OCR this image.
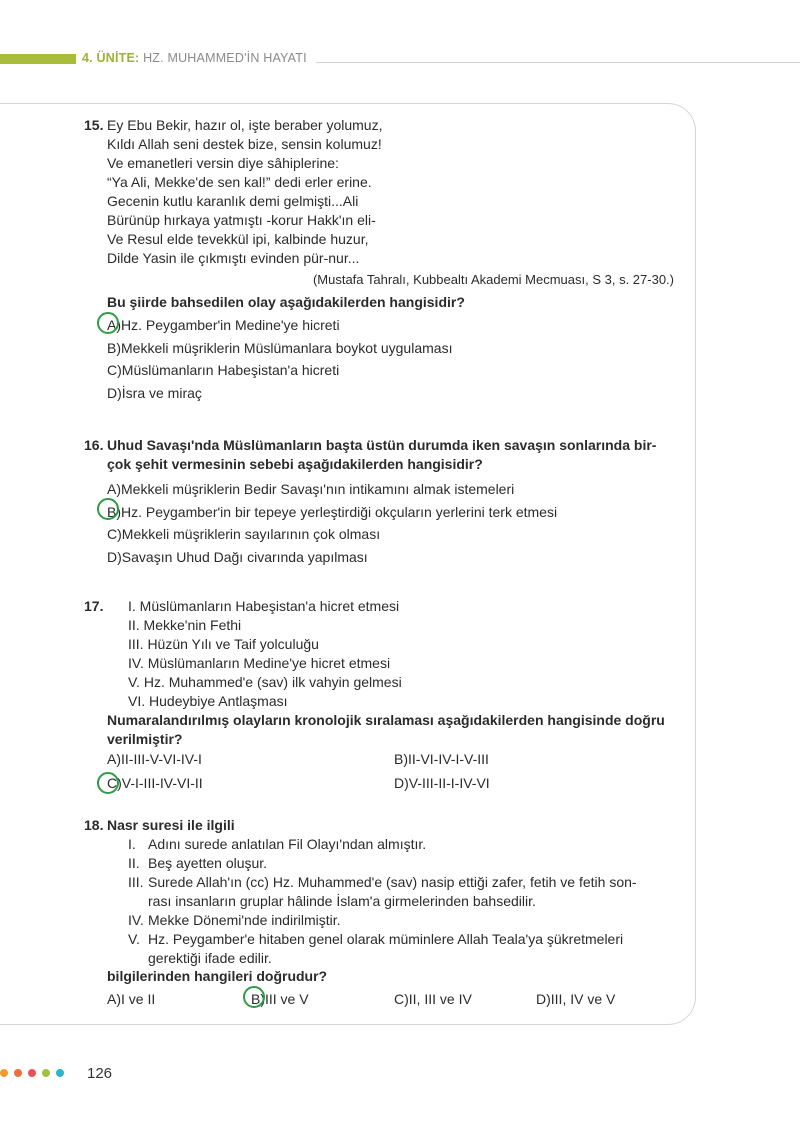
4. ÜNİTE: HZ. MUHAMMED'İN HAYATI
15. Ey Ebu Bekir, hazır ol, işte beraber yolumuz,
Kıldı Allah seni destek bize, sensin kolumuz!
Ve emanetleri versin diye sâhiplerine:
“Ya Ali, Mekke'de sen kal!” dedi erler erine.
Gecenin kutlu karanlık demi gelmişti...Ali
Bürünüp hırkaya yatmıştı -korur Hakk'ın eli-
Ve Resul elde tevekkül ipi, kalbinde huzur,
Dilde Yasin ile çıkmıştı evinden pür-nur...
(Mustafa Tahralı, Kubbealtı Akademi Mecmuası, S 3, s. 27-30.)
Bu şiirde bahsedilen olay aşağıdakilerden hangisidir?
A)Hz. Peygamber'in Medine'ye hicreti
B)Mekkeli müşriklerin Müslümanlara boykot uygulaması
C)Müslümanların Habeşistan'a hicreti
D)İsra ve miraç
16. Uhud Savaşı'nda Müslümanların başta üstün durumda iken savaşın sonlarında bir-
çok şehit vermesinin sebebi aşağıdakilerden hangisidir?
A)Mekkeli müşriklerin Bedir Savaşı'nın intikamını almak istemeleri
B)Hz. Peygamber'in bir tepeye yerleştirdiği okçuların yerlerini terk etmesi
C)Mekkeli müşriklerin sayılarının çok olması
D)Savaşın Uhud Dağı civarında yapılması
17. I. Müslümanların Habeşistan'a hicret etmesi
II. Mekke'nin Fethi
III. Hüzün Yılı ve Taif yolculuğu
IV. Müslümanların Medine'ye hicret etmesi
V. Hz. Muhammed'e (sav) ilk vahyin gelmesi
VI. Hudeybiye Antlaşması
Numaralandırılmış olayların kronolojik sıralaması aşağıdakilerden hangisinde doğru
verilmiştir?
A)II-III-V-VI-IV-I	B)II-VI-IV-I-V-III
C)V-I-III-IV-VI-II	D)V-III-II-I-IV-VI
18. Nasr suresi ile ilgili
I. Adını surede anlatılan Fil Olayı'ndan almıştır.
II. Beş ayetten oluşur.
III. Surede Allah'ın (cc) Hz. Muhammed'e (sav) nasip ettiği zafer, fetih ve fetih son-
rası insanların gruplar hâlinde İslam'a girmelerinden bahsedilir.
IV. Mekke Dönemi'nde indirilmiştir.
V. Hz. Peygamber'e hitaben genel olarak müminlere Allah Teala'ya şükretmeleri
gerektiği ifade edilir.
bilgilerinden hangileri doğrudur?
A)I ve II	B)III ve V	C)II, III ve IV	D)III, IV ve V
126
